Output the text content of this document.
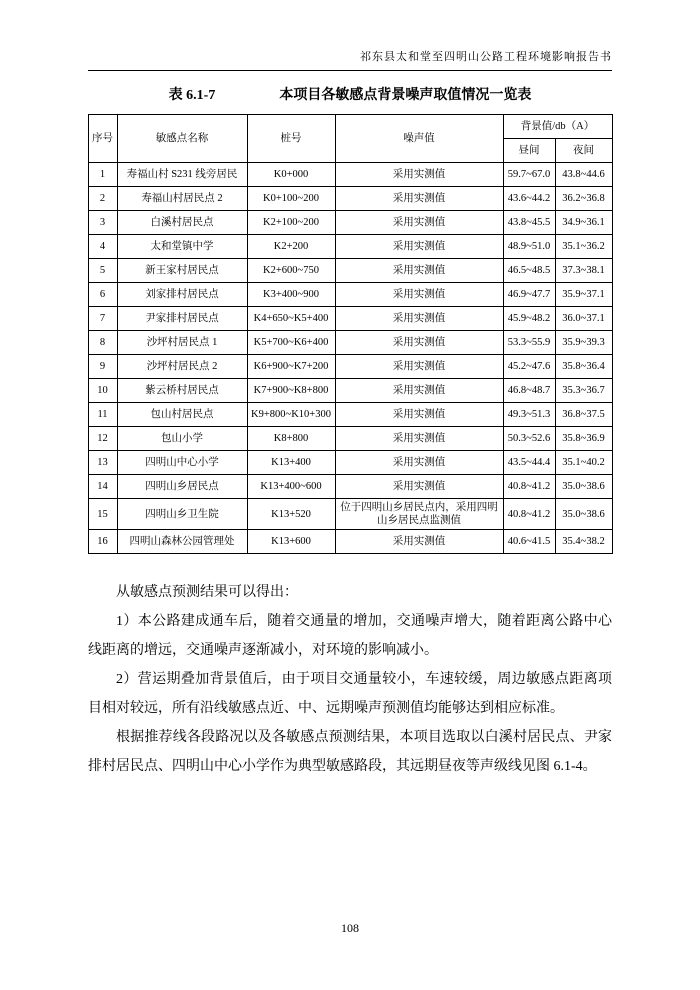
祁东县太和堂至四明山公路工程环境影响报告书
表 6.1-7	本项目各敏感点背景噪声取值情况一览表
序号	敏感点名称	桩号	噪声值	背景值/db（A）	
				昼间	夜间
1	寿福山村 S231 线旁居民	K0+000	采用实测值	59.7~67.0	43.8~44.6
2	寿福山村居民点 2	K0+100~200	采用实测值	43.6~44.2	36.2~36.8
3	白溪村居民点	K2+100~200	采用实测值	43.8~45.5	34.9~36.1
4	太和堂镇中学	K2+200	采用实测值	48.9~51.0	35.1~36.2
5	新王家村居民点	K2+600~750	采用实测值	46.5~48.5	37.3~38.1
6	刘家排村居民点	K3+400~900	采用实测值	46.9~47.7	35.9~37.1
7	尹家排村居民点	K4+650~K5+400	采用实测值	45.9~48.2	36.0~37.1
8	沙坪村居民点 1	K5+700~K6+400	采用实测值	53.3~55.9	35.9~39.3
9	沙坪村居民点 2	K6+900~K7+200	采用实测值	45.2~47.6	35.8~36.4
10	紫云桥村居民点	K7+900~K8+800	采用实测值	46.8~48.7	35.3~36.7
11	包山村居民点	K9+800~K10+300	采用实测值	49.3~51.3	36.8~37.5
12	包山小学	K8+800	采用实测值	50.3~52.6	35.8~36.9
13	四明山中心小学	K13+400	采用实测值	43.5~44.4	35.1~40.2
14	四明山乡居民点	K13+400~600	采用实测值	40.8~41.2	35.0~38.6
15	四明山乡卫生院	K13+520	位于四明山乡居民点内，采用四明山乡居民点监测值	40.8~41.2	35.0~38.6
16	四明山森林公园管理处	K13+600	采用实测值	40.6~41.5	35.4~38.2

从敏感点预测结果可以得出：

1）本公路建成通车后，随着交通量的增加，交通噪声增大，随着距离公路中心线距离的增远，交通噪声逐渐减小，对环境的影响减小。

2）营运期叠加背景值后，由于项目交通量较小，车速较缓，周边敏感点距离项目相对较远，所有沿线敏感点近、中、远期噪声预测值均能够达到相应标准。

根据推荐线各段路况以及各敏感点预测结果，本项目选取以白溪村居民点、尹家排村居民点、四明山中心小学作为典型敏感路段，其远期昼夜等声级线见图 6.1-4。

108
